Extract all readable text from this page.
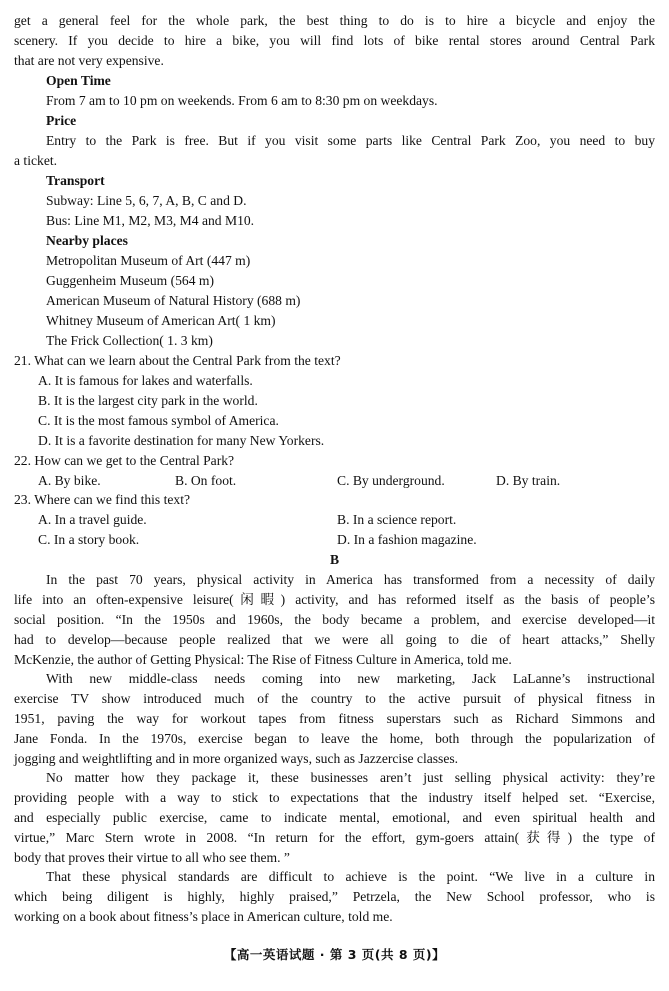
get a general feel for the whole park, the best thing to do is to hire a bicycle and enjoy the
scenery. If you decide to hire a bike, you will find lots of bike rental stores around Central Park
that are not very expensive.
Open Time
From 7 am to 10 pm on weekends. From 6 am to 8:30 pm on weekdays.
Price
Entry to the Park is free. But if you visit some parts like Central Park Zoo, you need to buy
a ticket.
Transport
Subway: Line 5, 6, 7, A, B, C and D.
Bus: Line M1, M2, M3, M4 and M10.
Nearby places
Metropolitan Museum of Art (447 m)
Guggenheim Museum (564 m)
American Museum of Natural History (688 m)
Whitney Museum of American Art( 1 km)
The Frick Collection( 1. 3 km)
21. What can we learn about the Central Park from the text?
A. It is famous for lakes and waterfalls.
B. It is the largest city park in the world.
C. It is the most famous symbol of America.
D. It is a favorite destination for many New Yorkers.
22. How can we get to the Central Park?
A. By bike.	B. On foot.	C. By underground.	D. By train.
23. Where can we find this text?
A. In a travel guide.	B. In a science report.
C. In a story book.	D. In a fashion magazine.
B
In the past 70 years, physical activity in America has transformed from a necessity of daily
life into an often-expensive leisure(闲暇) activity, and has reformed itself as the basis of people’s
social position. “In the 1950s and 1960s, the body became a problem, and exercise developed—it
had to develop—because people realized that we were all going to die of heart attacks,” Shelly
McKenzie, the author of Getting Physical: The Rise of Fitness Culture in America, told me.
With new middle-class needs coming into new marketing, Jack LaLanne’s instructional
exercise TV show introduced much of the country to the active pursuit of physical fitness in
1951, paving the way for workout tapes from fitness superstars such as Richard Simmons and
Jane Fonda. In the 1970s, exercise began to leave the home, both through the popularization of
jogging and weightlifting and in more organized ways, such as Jazzercise classes.
No matter how they package it, these businesses aren’t just selling physical activity: they’re
providing people with a way to stick to expectations that the industry itself helped set. “Exercise,
and especially public exercise, came to indicate mental, emotional, and even spiritual health and
virtue,” Marc Stern wrote in 2008. “In return for the effort, gym-goers attain(获得) the type of
body that proves their virtue to all who see them. ”
That these physical standards are difficult to achieve is the point. “We live in a culture in
which being diligent is highly, highly praised,” Petrzela, the New School professor, who is
working on a book about fitness’s place in American culture, told me.
【高一英语试题 · 第 3 页(共 8 页)】
